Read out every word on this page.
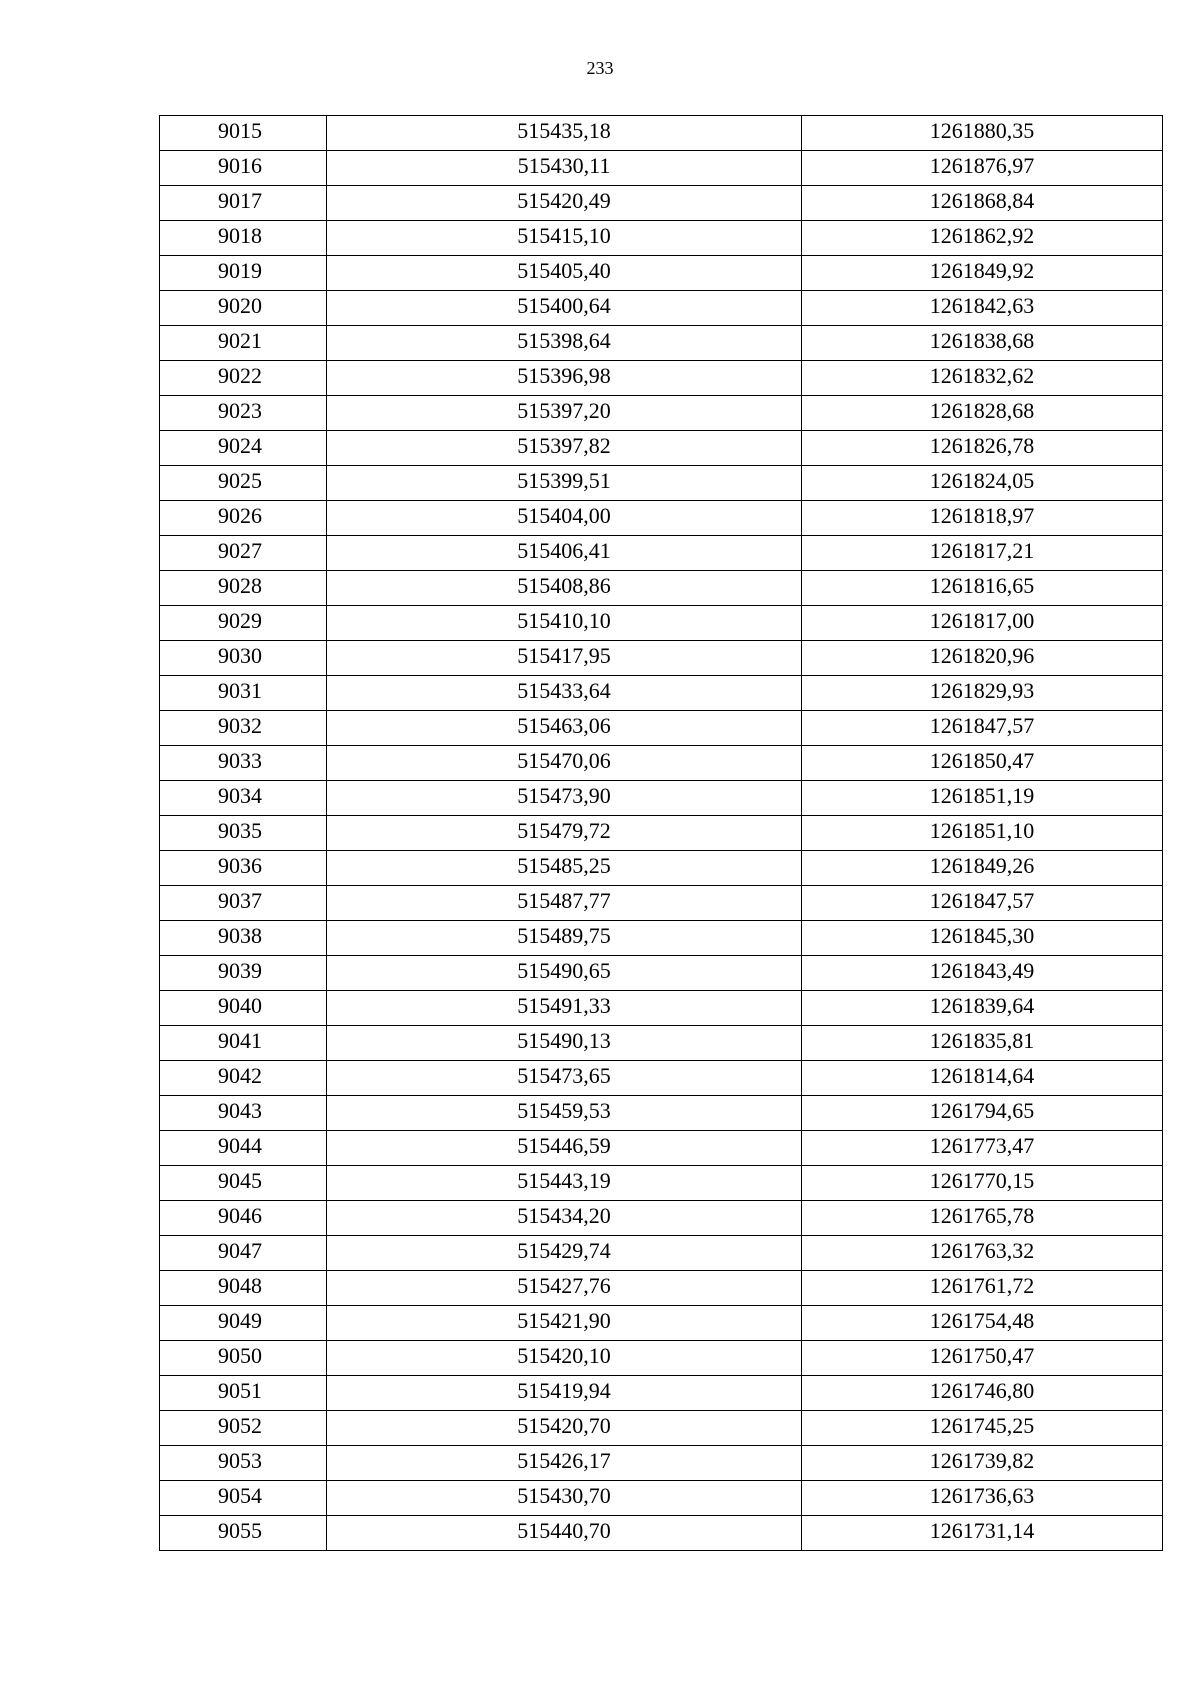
233
9015	515435,18	1261880,35
9016	515430,11	1261876,97
9017	515420,49	1261868,84
9018	515415,10	1261862,92
9019	515405,40	1261849,92
9020	515400,64	1261842,63
9021	515398,64	1261838,68
9022	515396,98	1261832,62
9023	515397,20	1261828,68
9024	515397,82	1261826,78
9025	515399,51	1261824,05
9026	515404,00	1261818,97
9027	515406,41	1261817,21
9028	515408,86	1261816,65
9029	515410,10	1261817,00
9030	515417,95	1261820,96
9031	515433,64	1261829,93
9032	515463,06	1261847,57
9033	515470,06	1261850,47
9034	515473,90	1261851,19
9035	515479,72	1261851,10
9036	515485,25	1261849,26
9037	515487,77	1261847,57
9038	515489,75	1261845,30
9039	515490,65	1261843,49
9040	515491,33	1261839,64
9041	515490,13	1261835,81
9042	515473,65	1261814,64
9043	515459,53	1261794,65
9044	515446,59	1261773,47
9045	515443,19	1261770,15
9046	515434,20	1261765,78
9047	515429,74	1261763,32
9048	515427,76	1261761,72
9049	515421,90	1261754,48
9050	515420,10	1261750,47
9051	515419,94	1261746,80
9052	515420,70	1261745,25
9053	515426,17	1261739,82
9054	515430,70	1261736,63
9055	515440,70	1261731,14
